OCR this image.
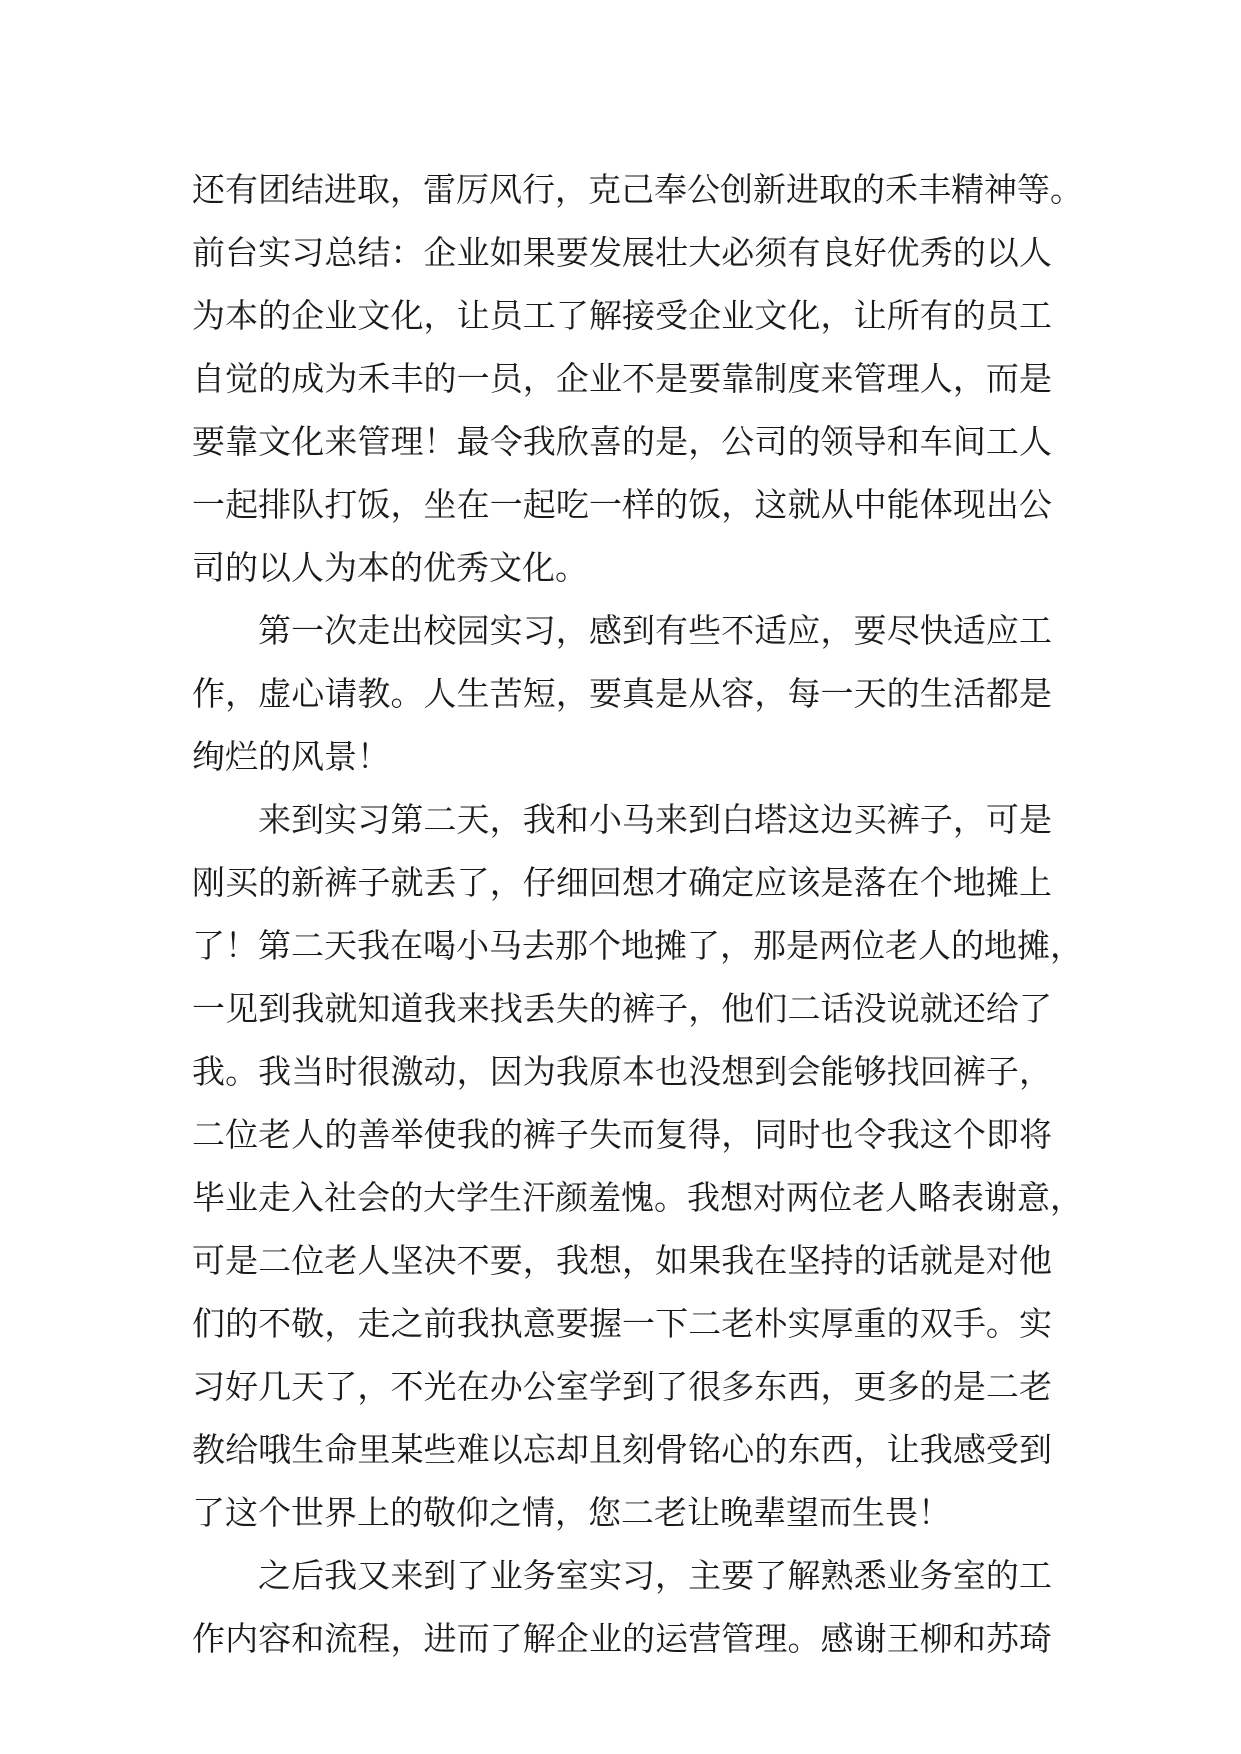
还有团结进取，雷厉风行，克己奉公创新进取的禾丰精神等。
前台实习总结：企业如果要发展壮大必须有良好优秀的以人
为本的企业文化，让员工了解接受企业文化，让所有的员工
自觉的成为禾丰的一员，企业不是要靠制度来管理人，而是
要靠文化来管理！最令我欣喜的是，公司的领导和车间工人
一起排队打饭，坐在一起吃一样的饭，这就从中能体现出公
司的以人为本的优秀文化。
第一次走出校园实习，感到有些不适应，要尽快适应工
作，虚心请教。人生苦短，要真是从容，每一天的生活都是
绚烂的风景！
来到实习第二天，我和小马来到白塔这边买裤子，可是
刚买的新裤子就丢了，仔细回想才确定应该是落在个地摊上
了！第二天我在喝小马去那个地摊了，那是两位老人的地摊，
一见到我就知道我来找丢失的裤子，他们二话没说就还给了
我。我当时很激动，因为我原本也没想到会能够找回裤子，
二位老人的善举使我的裤子失而复得，同时也令我这个即将
毕业走入社会的大学生汗颜羞愧。我想对两位老人略表谢意，
可是二位老人坚决不要，我想，如果我在坚持的话就是对他
们的不敬，走之前我执意要握一下二老朴实厚重的双手。实
习好几天了，不光在办公室学到了很多东西，更多的是二老
教给哦生命里某些难以忘却且刻骨铭心的东西，让我感受到
了这个世界上的敬仰之情，您二老让晚辈望而生畏！
之后我又来到了业务室实习，主要了解熟悉业务室的工
作内容和流程，进而了解企业的运营管理。感谢王柳和苏琦
